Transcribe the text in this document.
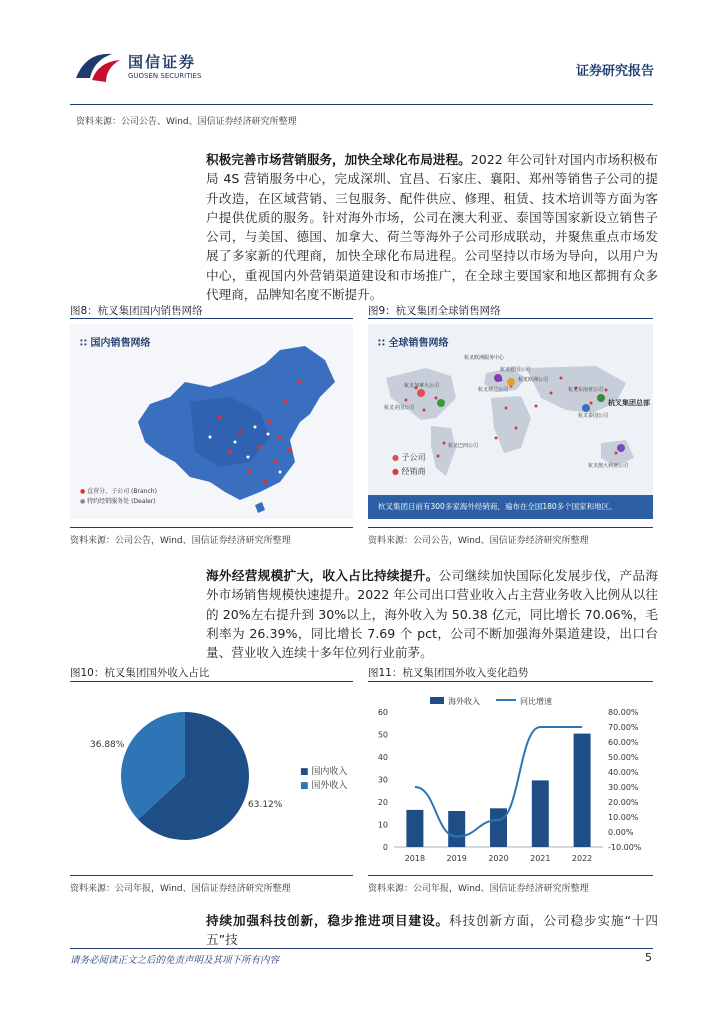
国信证券
GUOSEN SECURITIES	证券研究报告
资料来源：公司公告、Wind、国信证券经济研究所整理
积极完善市场营销服务，加快全球化布局进程。2022 年公司针对国内市场积极布局 4S 营销服务中心，完成深圳、宜昌、石家庄、襄阳、郑州等销售子公司的提升改造，在区域营销、三包服务、配件供应、修理、租赁、技术培训等方面为客户提供优质的服务。针对海外市场，公司在澳大利亚、泰国等国家新设立销售子公司，与美国、德国、加拿大、荷兰等海外子公司形成联动，并聚焦重点市场发展了多家新的代理商，加快全球化布局进程。公司坚持以市场为导向，以用户为中心，重视国内外营销渠道建设和市场推广，在全球主要国家和地区都拥有众多代理商，品牌知名度不断提升。
图8：杭叉集团国内销售网络
∷ 国内销售网络
● 直营分、子公司 (Branch)
● 特约经销服务处 (Dealer)
资料来源：公司公告，Wind、国信证券经济研究所整理
图9：杭叉集团全球销售网络
∷ 全球销售网络
杭叉欧洲服务中心
杭叉德国公司
杭叉欧洲公司
杭叉加拿大公司
杭叉美国公司
杭叉荷兰公司	杭叉东南亚公司
杭叉集团总部
杭叉巴西公司
杭叉澳大利亚公司
杭叉泰国公司
● 子公司
● 经销商
杭叉集团目前有300多家海外经销商，遍布在全国180多个国家和地区。
资料来源：公司公告，Wind、国信证券经济研究所整理
海外经营规模扩大，收入占比持续提升。公司继续加快国际化发展步伐，产品海外市场销售规模快速提升。2022 年公司出口营业收入占主营业务收入比例从以往的 20%左右提升到 30%以上，海外收入为 50.38 亿元，同比增长 70.06%，毛利率为 26.39%，同比增长 7.69 个 pct，公司不断加强海外渠道建设，出口台量、营业收入连续十多年位列行业前茅。
图10：杭叉集团国外收入占比
36.88%
63.12%
■ 国内收入
■ 国外收入
资料来源：公司年报，Wind、国信证券经济研究所整理
图11：杭叉集团国外收入变化趋势
0
10
20
30
40
50
60
-10.00%
0.00%
10.00%
20.00%
30.00%
40.00%
50.00%
60.00%
70.00%
80.00%
2018	2019	2020	2021	2022
海外收入	同比增速
资料来源：公司年报，Wind、国信证券经济研究所整理
持续加强科技创新，稳步推进项目建设。科技创新方面，公司稳步实施“十四五”技
请务必阅读正文之后的免责声明及其项下所有内容	5
